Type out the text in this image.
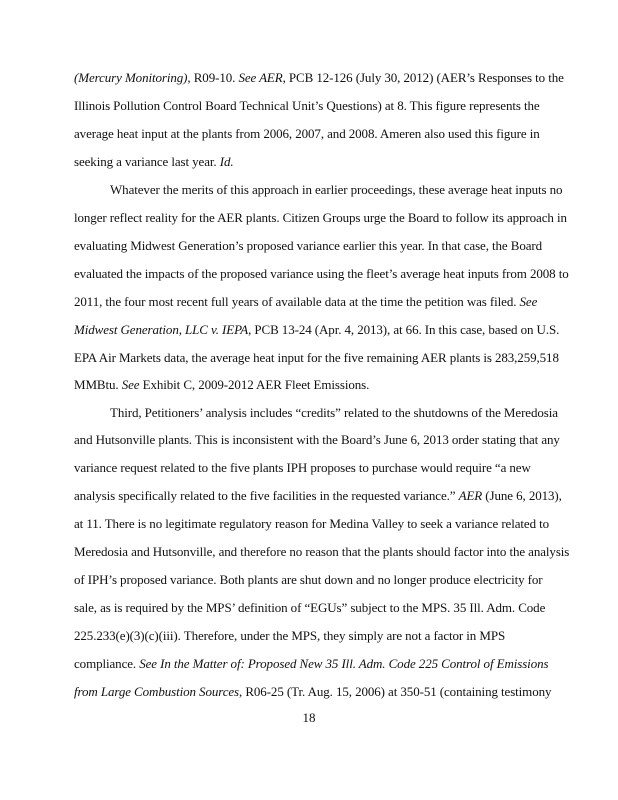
(Mercury Monitoring), R09-10. See AER, PCB 12-126 (July 30, 2012) (AER’s Responses to the
Illinois Pollution Control Board Technical Unit’s Questions) at 8. This figure represents the
average heat input at the plants from 2006, 2007, and 2008. Ameren also used this figure in
seeking a variance last year. Id.
Whatever the merits of this approach in earlier proceedings, these average heat inputs no
longer reflect reality for the AER plants. Citizen Groups urge the Board to follow its approach in
evaluating Midwest Generation’s proposed variance earlier this year. In that case, the Board
evaluated the impacts of the proposed variance using the fleet’s average heat inputs from 2008 to
2011, the four most recent full years of available data at the time the petition was filed. See
Midwest Generation, LLC v. IEPA, PCB 13-24 (Apr. 4, 2013), at 66. In this case, based on U.S.
EPA Air Markets data, the average heat input for the five remaining AER plants is 283,259,518
MMBtu. See Exhibit C, 2009-2012 AER Fleet Emissions.
Third, Petitioners’ analysis includes “credits” related to the shutdowns of the Meredosia
and Hutsonville plants. This is inconsistent with the Board’s June 6, 2013 order stating that any
variance request related to the five plants IPH proposes to purchase would require “a new
analysis specifically related to the five facilities in the requested variance.” AER (June 6, 2013),
at 11. There is no legitimate regulatory reason for Medina Valley to seek a variance related to
Meredosia and Hutsonville, and therefore no reason that the plants should factor into the analysis
of IPH’s proposed variance. Both plants are shut down and no longer produce electricity for
sale, as is required by the MPS’ definition of “EGUs” subject to the MPS. 35 Ill. Adm. Code
225.233(e)(3)(c)(iii). Therefore, under the MPS, they simply are not a factor in MPS
compliance. See In the Matter of: Proposed New 35 Ill. Adm. Code 225 Control of Emissions
from Large Combustion Sources, R06-25 (Tr. Aug. 15, 2006) at 350-51 (containing testimony
18
